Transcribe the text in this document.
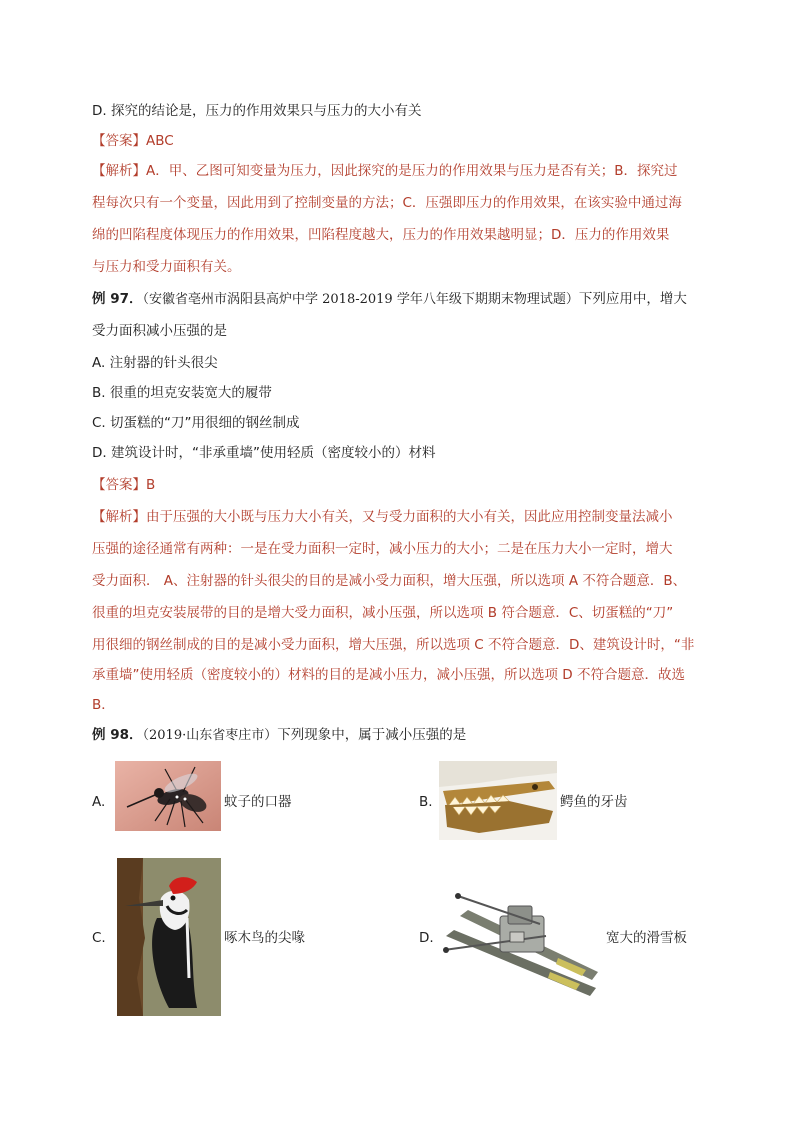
D. 探究的结论是，压力的作用效果只与压力的大小有关
【答案】ABC
【解析】A．甲、乙图可知变量为压力，因此探究的是压力的作用效果与压力是否有关；B．探究过
程每次只有一个变量，因此用到了控制变量的方法；C．压强即压力的作用效果，在该实验中通过海
绵的凹陷程度体现压力的作用效果，凹陷程度越大，压力的作用效果越明显；D．压力的作用效果
与压力和受力面积有关。
例 97．（安徽省亳州市涡阳县高炉中学 2018-2019 学年八年级下期期末物理试题）下列应用中，增大
受力面积减小压强的是
A. 注射器的针头很尖
B. 很重的坦克安装宽大的履带
C. 切蛋糕的“刀”用很细的钢丝制成
D. 建筑设计时，“非承重墙”使用轻质（密度较小的）材料
【答案】B
【解析】由于压强的大小既与压力大小有关，又与受力面积的大小有关，因此应用控制变量法减小
压强的途径通常有两种：一是在受力面积一定时，减小压力的大小；二是在压力大小一定时，增大
受力面积． A、注射器的针头很尖的目的是减小受力面积，增大压强，所以选项 A 不符合题意．B、
很重的坦克安装展带的目的是增大受力面积，减小压强，所以选项 B 符合题意．C、切蛋糕的“刀”
用很细的钢丝制成的目的是减小受力面积，增大压强，所以选项 C 不符合题意．D、建筑设计时，“非
承重墙”使用轻质（密度较小的）材料的目的是减小压力，减小压强，所以选项 D 不符合题意．故选
B．
例 98．（2019·山东省枣庄市）下列现象中，属于减小压强的是
A.	蚊子的口器	B.	鳄鱼的牙齿
C.	啄木鸟的尖喙	D.	宽大的滑雪板
